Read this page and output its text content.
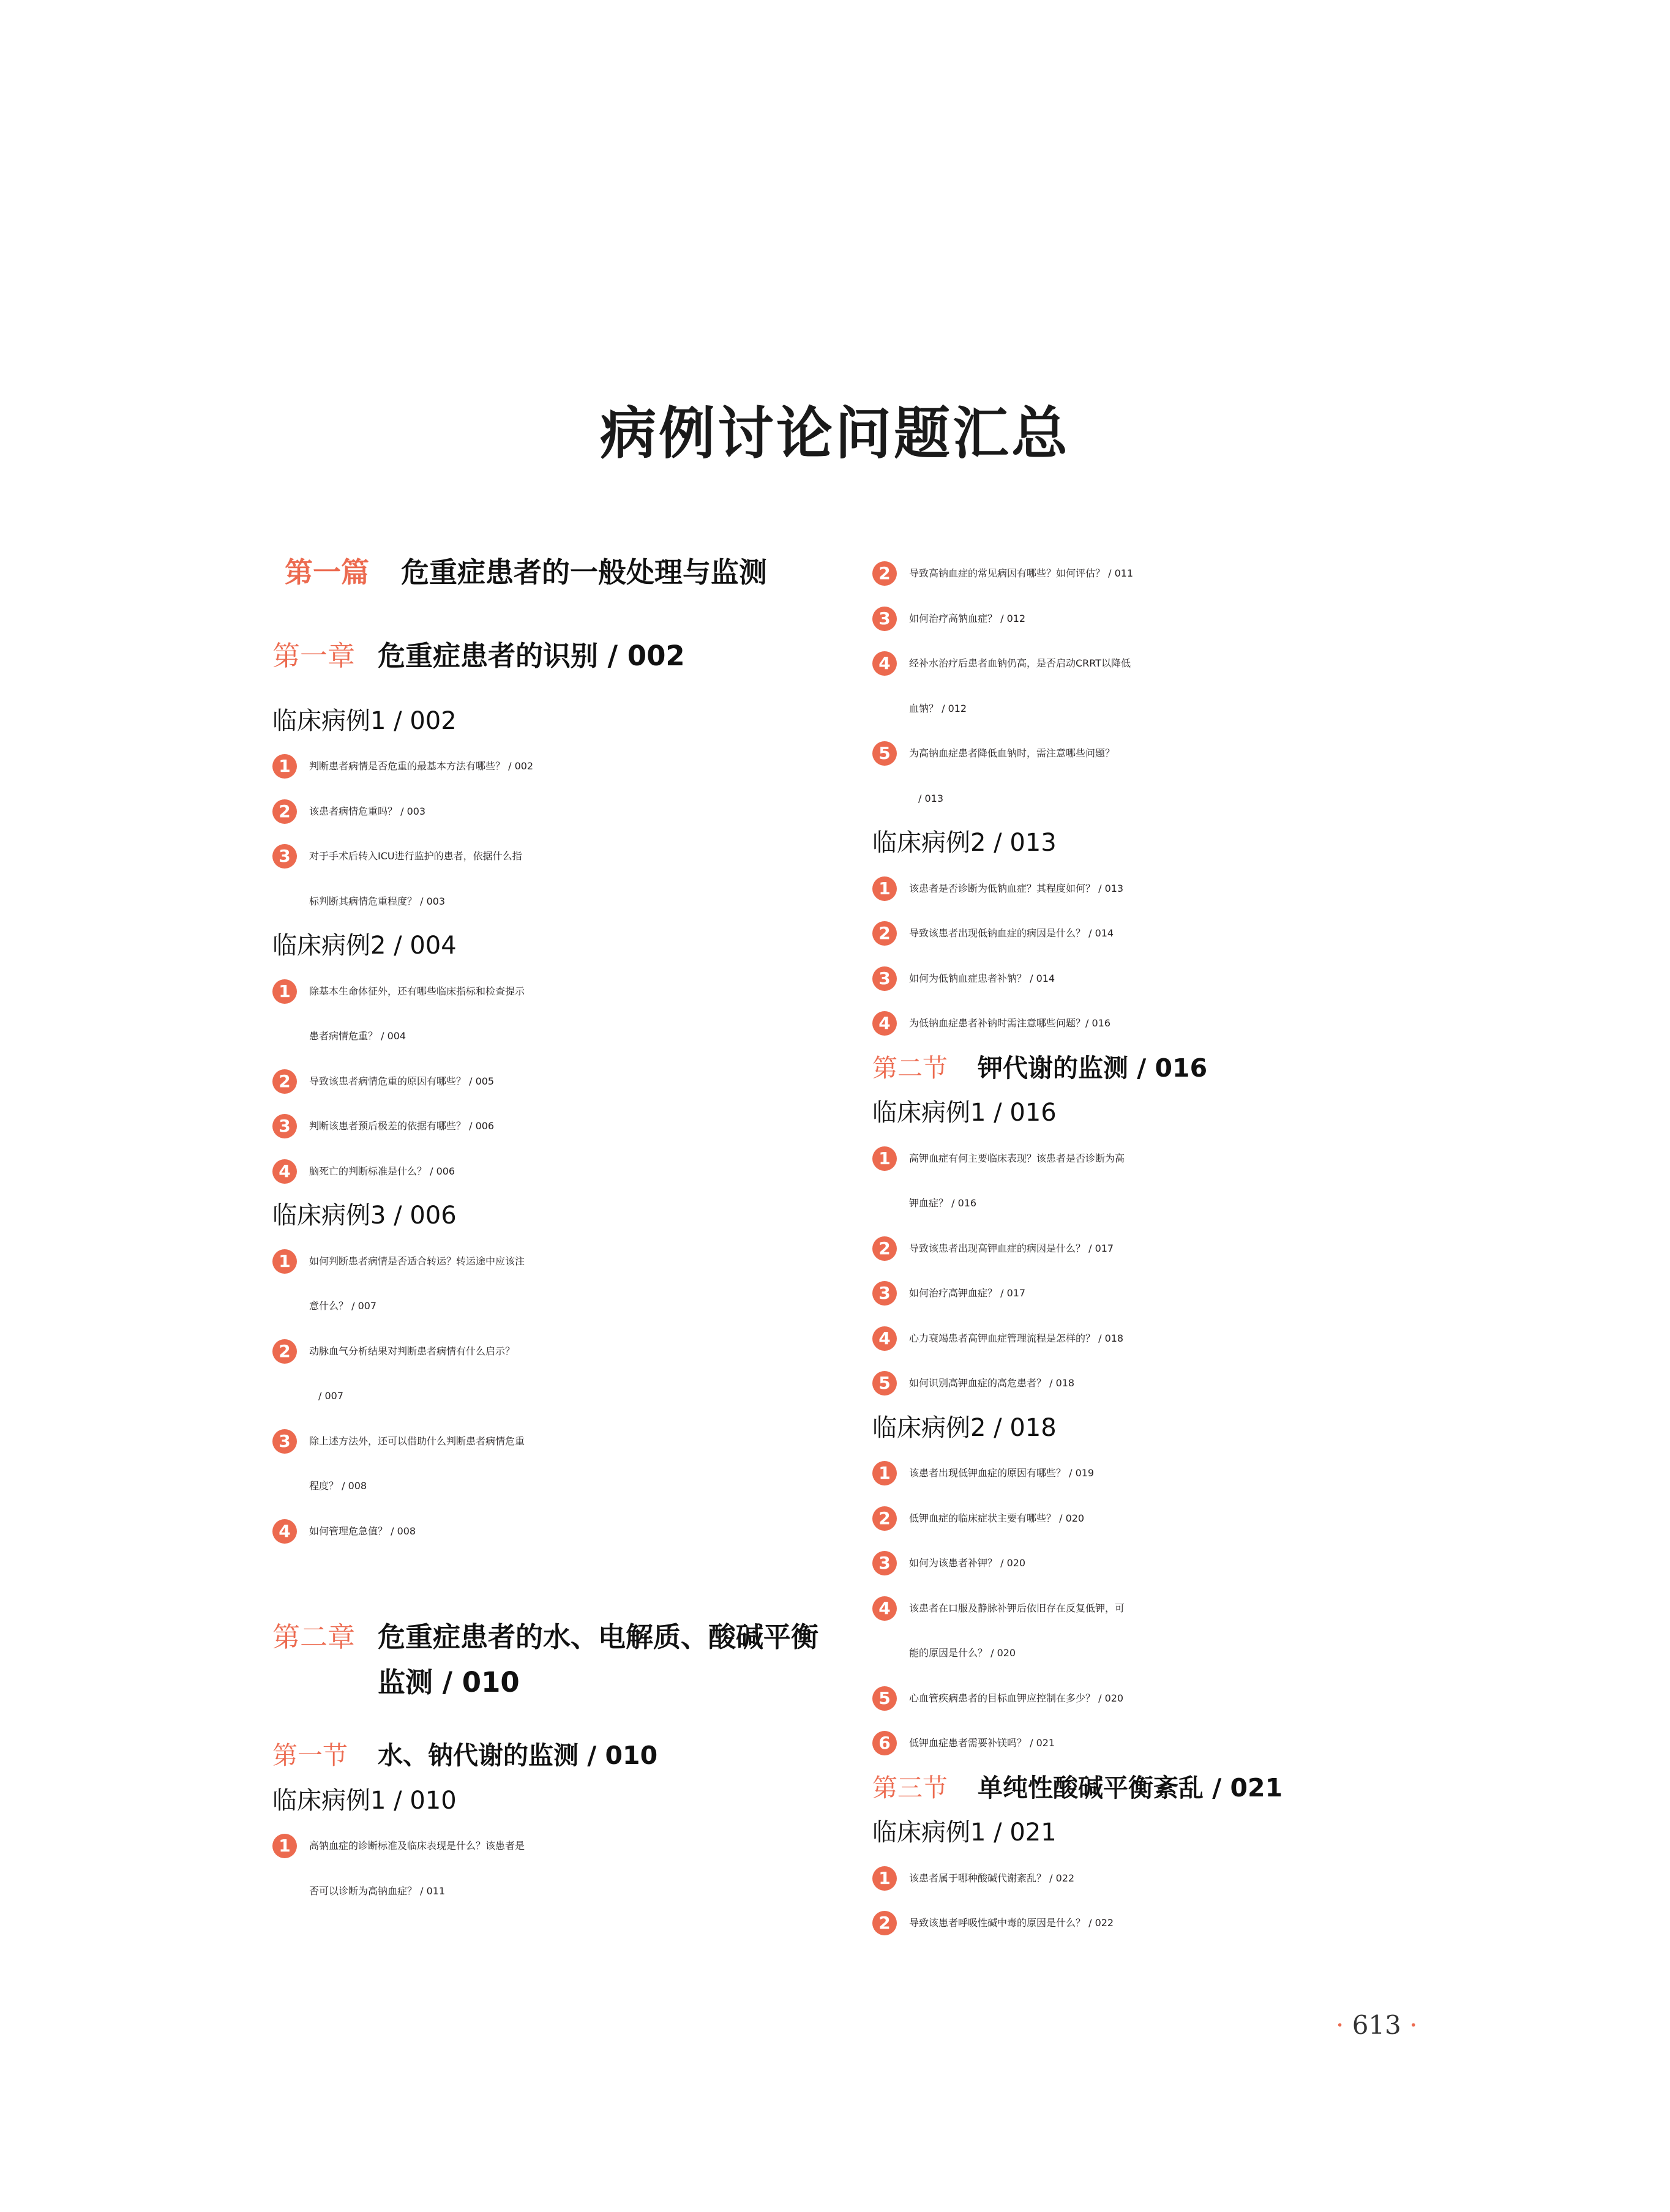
病例讨论问题汇总
第一篇 危重症患者的一般处理与监测
第一章 危重症患者的识别 / 002
临床病例1 / 002
1	判断患者病情是否危重的最基本方法有哪些？ / 002
2	该患者病情危重吗？ / 003
3	对于手术后转入ICU进行监护的患者，依据什么指
标判断其病情危重程度？ / 003
临床病例2 / 004
1	除基本生命体征外，还有哪些临床指标和检查提示
患者病情危重？ / 004
2	导致该患者病情危重的原因有哪些？ / 005
3	判断该患者预后极差的依据有哪些？ / 006
4	脑死亡的判断标准是什么？ / 006
临床病例3 / 006
1	如何判断患者病情是否适合转运？转运途中应该注
意什么？ / 007
2	动脉血气分析结果对判断患者病情有什么启示？
/ 007
3	除上述方法外，还可以借助什么判断患者病情危重
程度？ / 008
4	如何管理危急值？ / 008
第二章 危重症患者的水、电解质、酸碱平衡
监测 / 010
第一节 水、钠代谢的监测 / 010
临床病例1 / 010
1	高钠血症的诊断标准及临床表现是什么？该患者是
否可以诊断为高钠血症？ / 011
2	导致高钠血症的常见病因有哪些？如何评估？ / 011
3	如何治疗高钠血症？ / 012
4	经补水治疗后患者血钠仍高，是否启动CRRT以降低
血钠？ / 012
5	为高钠血症患者降低血钠时，需注意哪些问题？
/ 013
临床病例2 / 013
1	该患者是否诊断为低钠血症？其程度如何？ / 013
2	导致该患者出现低钠血症的病因是什么？ / 014
3	如何为低钠血症患者补钠？ / 014
4	为低钠血症患者补钠时需注意哪些问题？/ 016
第二节 钾代谢的监测 / 016
临床病例1 / 016
1	高钾血症有何主要临床表现？该患者是否诊断为高
钾血症？ / 016
2	导致该患者出现高钾血症的病因是什么？ / 017
3	如何治疗高钾血症？ / 017
4	心力衰竭患者高钾血症管理流程是怎样的？ / 018
5	如何识别高钾血症的高危患者？ / 018
临床病例2 / 018
1	该患者出现低钾血症的原因有哪些？ / 019
2	低钾血症的临床症状主要有哪些？ / 020
3	如何为该患者补钾？ / 020
4	该患者在口服及静脉补钾后依旧存在反复低钾，可
能的原因是什么？ / 020
5	心血管疾病患者的目标血钾应控制在多少？ / 020
6	低钾血症患者需要补镁吗？ / 021
第三节 单纯性酸碱平衡紊乱 / 021
临床病例1 / 021
1	该患者属于哪种酸碱代谢紊乱？ / 022
2	导致该患者呼吸性碱中毒的原因是什么？ / 022
· 613 ·
